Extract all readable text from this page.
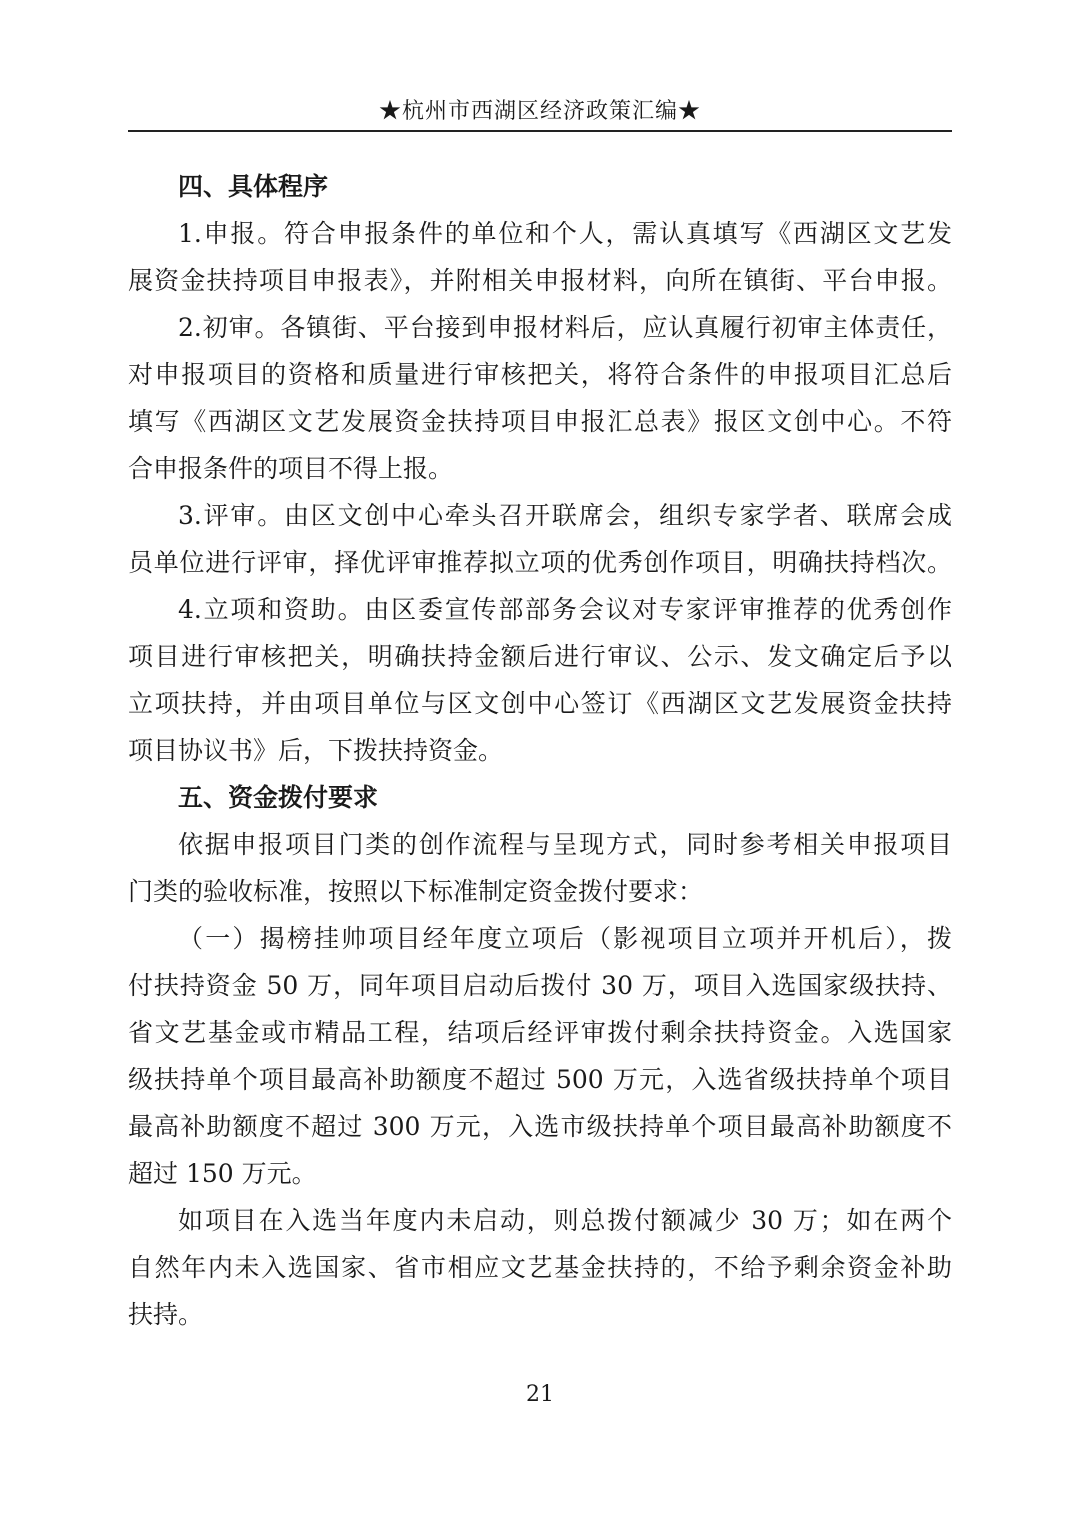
★杭州市西湖区经济政策汇编★
四、具体程序
1.申报。符合申报条件的单位和个人，需认真填写《西湖区文艺发
展资金扶持项目申报表》，并附相关申报材料，向所在镇街、平台申报。
2.初审。各镇街、平台接到申报材料后，应认真履行初审主体责任，
对申报项目的资格和质量进行审核把关，将符合条件的申报项目汇总后
填写《西湖区文艺发展资金扶持项目申报汇总表》报区文创中心。不符
合申报条件的项目不得上报。
3.评审。由区文创中心牵头召开联席会，组织专家学者、联席会成
员单位进行评审，择优评审推荐拟立项的优秀创作项目，明确扶持档次。
4.立项和资助。由区委宣传部部务会议对专家评审推荐的优秀创作
项目进行审核把关，明确扶持金额后进行审议、公示、发文确定后予以
立项扶持，并由项目单位与区文创中心签订《西湖区文艺发展资金扶持
项目协议书》后，下拨扶持资金。
五、资金拨付要求
依据申报项目门类的创作流程与呈现方式，同时参考相关申报项目
门类的验收标准，按照以下标准制定资金拨付要求：
（一）揭榜挂帅项目经年度立项后（影视项目立项并开机后），拨
付扶持资金 50 万，同年项目启动后拨付 30 万，项目入选国家级扶持、
省文艺基金或市精品工程，结项后经评审拨付剩余扶持资金。入选国家
级扶持单个项目最高补助额度不超过 500 万元，入选省级扶持单个项目
最高补助额度不超过 300 万元，入选市级扶持单个项目最高补助额度不
超过 150 万元。
如项目在入选当年度内未启动，则总拨付额减少 30 万；如在两个
自然年内未入选国家、省市相应文艺基金扶持的，不给予剩余资金补助
扶持。
21
